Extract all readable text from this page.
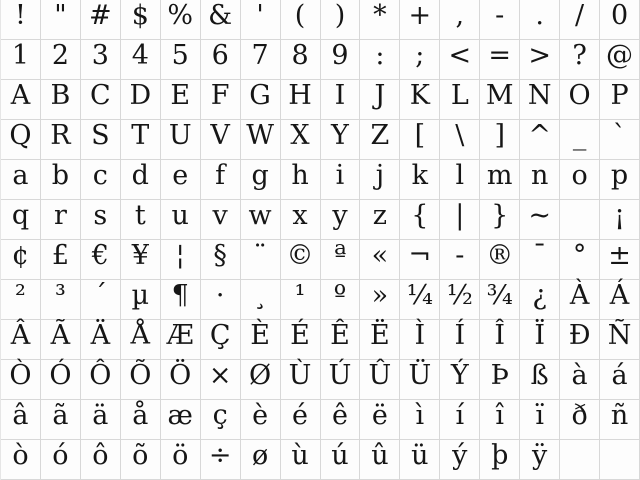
!	" # $ % & '	(	)	* + ,	-	.	/ 0
1 2 3 4 5 6 7 8 9 :	; < = > ? @
A B C D E F G H I	J K L M N O P
Q R S T U V W X Y Z [	\	] ^ _ `
a b c d e f g h i	j	k	l m n o p
q r s	t u v w x y z { | } ~	¡
¢ £ € ¥ ¦	§ ¨ © ª « ¬ - ® ¯ ° ±
²	³	´ µ ¶	·	¸	¹	º » ¼ ½ ¾ ¿ À Á
Â Ã Ä Å Æ Ç È É Ê Ë Ì	Í	Î	Ï Ð Ñ
Ò Ó Ô Õ Ö × Ø Ù Ú Û Ü Ý Þ ß à á
â ã ä å æ ç è é ê ë	ì	í	î	ï	ð ñ
ò ó ô õ ö ÷ ø ù ú û ü ý þ ÿ
